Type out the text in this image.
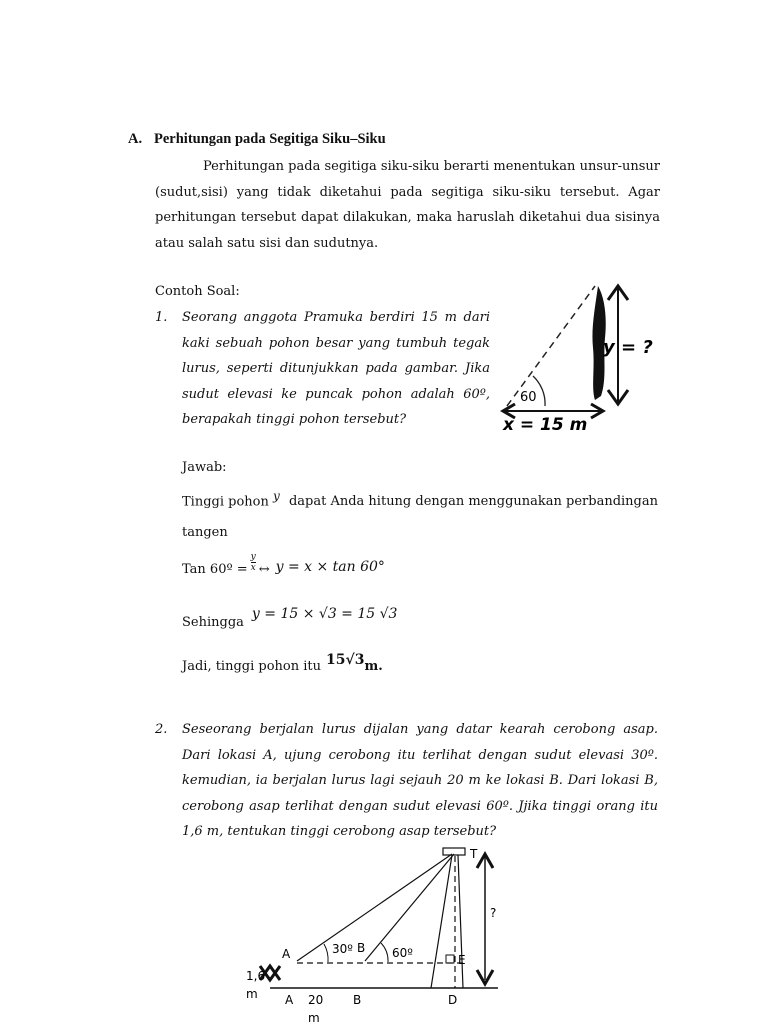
A. Perhitungan pada Segitiga Siku–Siku
Perhitungan pada segitiga siku-siku berarti menentukan unsur-unsur (sudut,sisi) yang tidak diketahui pada segitiga siku-siku tersebut. Agar perhitungan tersebut dapat dilakukan, maka haruslah diketahui dua sisinya atau salah satu sisi dan sudutnya.
Contoh Soal:
1. Seorang anggota Pramuka berdiri 15 m dari kaki sebuah pohon besar yang tumbuh tegak lurus, seperti ditunjukkan pada gambar. Jika sudut elevasi ke puncak pohon adalah 60º, berapakah tinggi pohon tersebut?
60
y = ?
x = 15 m
Jawab:
Tinggi pohon $^y$ dapat Anda hitung dengan menggunakan perbandingan
tangen
Tan 60º = $\frac{y}{x}$ ↔ y = x × tan 60°
Sehingga
y = 15 × √3 = 15 √3
Jadi, tinggi pohon itu 15√3 m.
2. Seseorang berjalan lurus dijalan yang datar kearah cerobong asap. Dari lokasi A, ujung cerobong itu terlihat dengan sudut elevasi 30º. kemudian, ia berjalan lurus lagi sejauh 20 m ke lokasi B. Dari lokasi B, cerobong asap terlihat dengan sudut elevasi 60º. Jjika tinggi orang itu 1,6 m, tentukan tinggi cerobong asap tersebut?
T
?
A	30º B 60º	E
1,6 m	A 20 m
B	D
